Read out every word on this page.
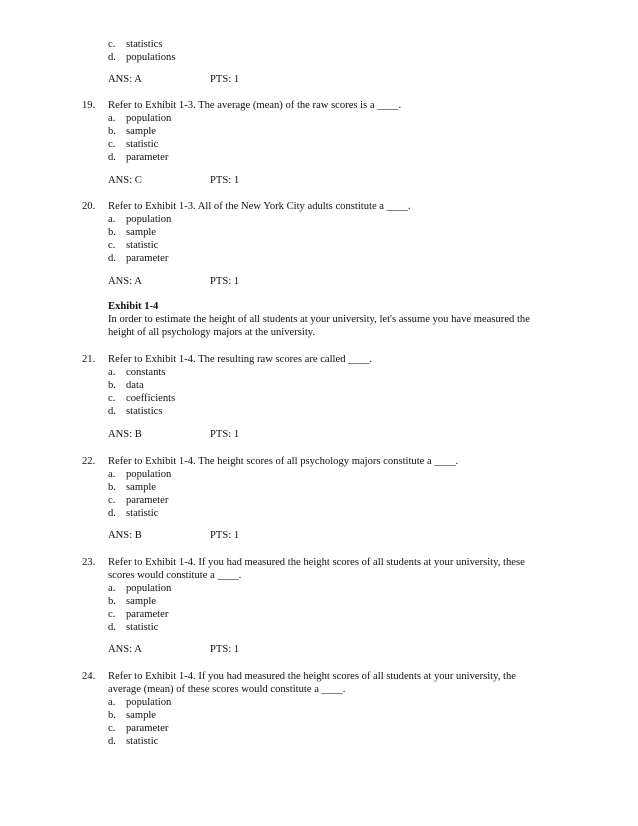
c. statistics
d. populations
ANS: A	PTS: 1
19. Refer to Exhibit 1-3. The average (mean) of the raw scores is a ____.
a. population
b. sample
c. statistic
d. parameter
ANS: C	PTS: 1
20. Refer to Exhibit 1-3. All of the New York City adults constitute a ____.
a. population
b. sample
c. statistic
d. parameter
ANS: A	PTS: 1
Exhibit 1-4
In order to estimate the height of all students at your university, let's assume you have measured the
height of all psychology majors at the university.
21. Refer to Exhibit 1-4. The resulting raw scores are called ____.
a. constants
b. data
c. coefficients
d. statistics
ANS: B	PTS: 1
22. Refer to Exhibit 1-4. The height scores of all psychology majors constitute a ____.
a. population
b. sample
c. parameter
d. statistic
ANS: B	PTS: 1
23. Refer to Exhibit 1-4. If you had measured the height scores of all students at your university, these
scores would constitute a ____.
a. population
b. sample
c. parameter
d. statistic
ANS: A	PTS: 1
24. Refer to Exhibit 1-4. If you had measured the height scores of all students at your university, the
average (mean) of these scores would constitute a ____.
a. population
b. sample
c. parameter
d. statistic
